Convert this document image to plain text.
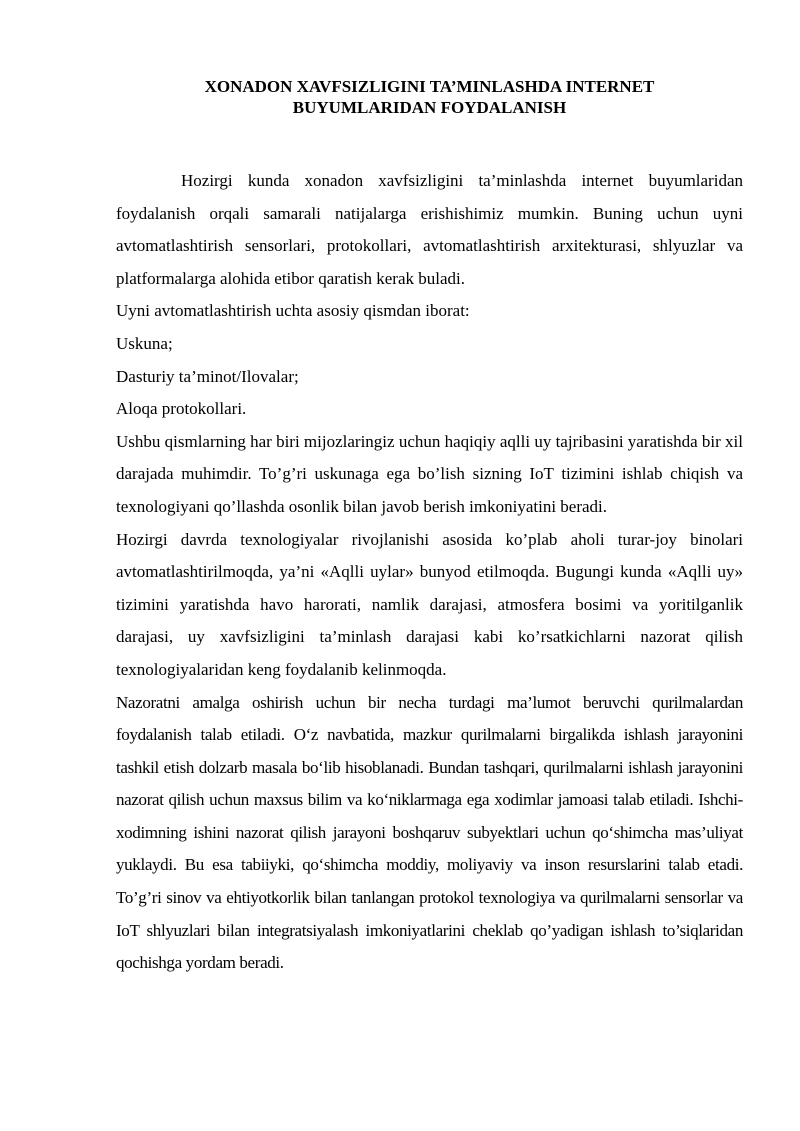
XONADON XAVFSIZLIGINI TA’MINLASHDA INTERNET
BUYUMLARIDAN FOYDALANISH

Hozirgi kunda xonadon xavfsizligini ta’minlashda internet buyumlaridan foydalanish orqali samarali natijalarga erishishimiz mumkin. Buning uchun uyni avtomatlashtirish sensorlari, protokollari, avtomatlashtirish arxitekturasi, shlyuzlar va platformalarga alohida etibor qaratish kerak buladi.

Uyni avtomatlashtirish uchta asosiy qismdan iborat:

Uskuna;

Dasturiy ta’minot/Ilovalar;

Aloqa protokollari.

Ushbu qismlarning har biri mijozlaringiz uchun haqiqiy aqlli uy tajribasini yaratishda bir xil darajada muhimdir. To’g’ri uskunaga ega bo’lish sizning IoT tizimini ishlab chiqish va texnologiyani qo’llashda osonlik bilan javob berish imkoniyatini beradi.

Hozirgi davrda texnologiyalar rivojlanishi asosida ko’plab aholi turar-joy binolari avtomatlashtirilmoqda, ya’ni «Aqlli uylar» bunyod etilmoqda. Bugungi kunda «Aqlli uy» tizimini yaratishda havo harorati, namlik darajasi, atmosfera bosimi va yoritilganlik darajasi, uy xavfsizligini ta’minlash darajasi kabi ko’rsatkichlarni nazorat qilish texnologiyalaridan keng foydalanib kelinmoqda.

Nazoratni amalga oshirish uchun bir necha turdagi ma’lumot beruvchi qurilmalardan foydalanish talab etiladi. O‘z navbatida, mazkur qurilmalarni birgalikda ishlash jarayonini tashkil etish dolzarb masala bo‘lib hisoblanadi. Bundan tashqari, qurilmalarni ishlash jarayonini nazorat qilish uchun maxsus bilim va ko‘niklarmaga ega xodimlar jamoasi talab etiladi. Ishchi-xodimning ishini nazorat qilish jarayoni boshqaruv subyektlari uchun qo‘shimcha mas’uliyat yuklaydi. Bu esa tabiiyki, qo‘shimcha moddiy, moliyaviy va inson resurslarini talab etadi. To’g’ri sinov va ehtiyotkorlik bilan tanlangan protokol texnologiya va qurilmalarni sensorlar va IoT shlyuzlari bilan integratsiyalash imkoniyatlarini cheklab qo’yadigan ishlash to’siqlaridan qochishga yordam beradi.
